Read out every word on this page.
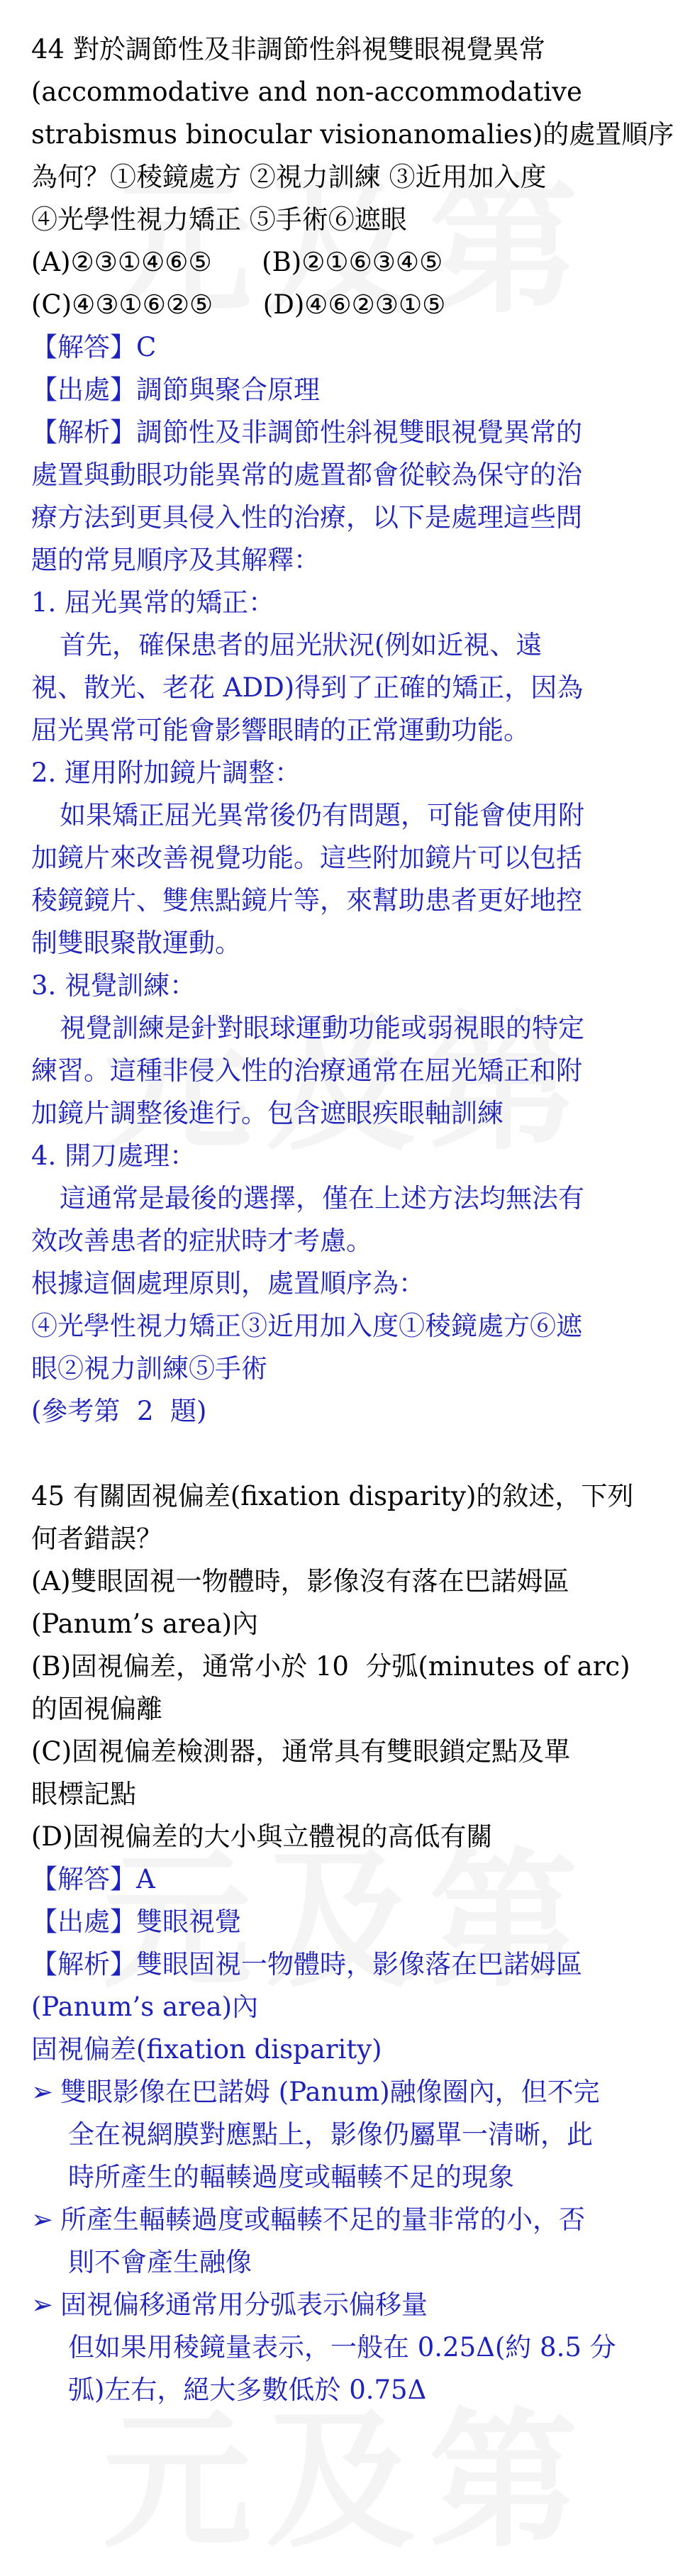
44 對於調節性及非調節性斜視雙眼視覺異常
(accommodative and non-accommodative
strabismus binocular visionanomalies)的處置順序
為何？①稜鏡處方 ②視力訓練 ③近用加入度
④光學性視力矯正 ⑤手術⑥遮眼
(A)②③①④⑥⑤      (B)②①⑥③④⑤
(C)④③①⑥②⑤      (D)④⑥②③①⑤
【解答】C
【出處】調節與聚合原理
【解析】調節性及非調節性斜視雙眼視覺異常的
處置與動眼功能異常的處置都會從較為保守的治
療方法到更具侵入性的治療，以下是處理這些問
題的常見順序及其解釋：
1. 屈光異常的矯正：
首先，確保患者的屈光狀況(例如近視、遠
視、散光、老花 ADD)得到了正確的矯正，因為
屈光異常可能會影響眼睛的正常運動功能。
2. 運用附加鏡片調整：
如果矯正屈光異常後仍有問題，可能會使用附
加鏡片來改善視覺功能。這些附加鏡片可以包括
稜鏡鏡片、雙焦點鏡片等，來幫助患者更好地控
制雙眼聚散運動。
3. 視覺訓練：
視覺訓練是針對眼球運動功能或弱視眼的特定
練習。這種非侵入性的治療通常在屈光矯正和附
加鏡片調整後進行。包含遮眼疾眼軸訓練
4. 開刀處理：
這通常是最後的選擇，僅在上述方法均無法有
效改善患者的症狀時才考慮。
根據這個處理原則，處置順序為：
④光學性視力矯正③近用加入度①稜鏡處方⑥遮
眼②視力訓練⑤手術
(參考第  2  題)
45 有關固視偏差(fixation disparity)的敘述，下列
何者錯誤？
(A)雙眼固視一物體時，影像沒有落在巴諾姆區
(Panum’s area)內
(B)固視偏差，通常小於 10  分弧(minutes of arc)
的固視偏離
(C)固視偏差檢測器，通常具有雙眼鎖定點及單
眼標記點
(D)固視偏差的大小與立體視的高低有關
【解答】A
【出處】雙眼視覺
【解析】雙眼固視一物體時，影像落在巴諾姆區
(Panum’s area)內
固視偏差(fixation disparity)
➢ 雙眼影像在巴諾姆 (Panum)融像圈內，但不完
全在視網膜對應點上，影像仍屬單一清晰，此
時所產生的輻輳過度或輻輳不足的現象
➢ 所產生輻輳過度或輻輳不足的量非常的小，否
則不會產生融像
➢ 固視偏移通常用分弧表示偏移量
但如果用稜鏡量表示，一般在 0.25Δ(約 8.5 分
弧)左右，絕大多數低於 0.75Δ
